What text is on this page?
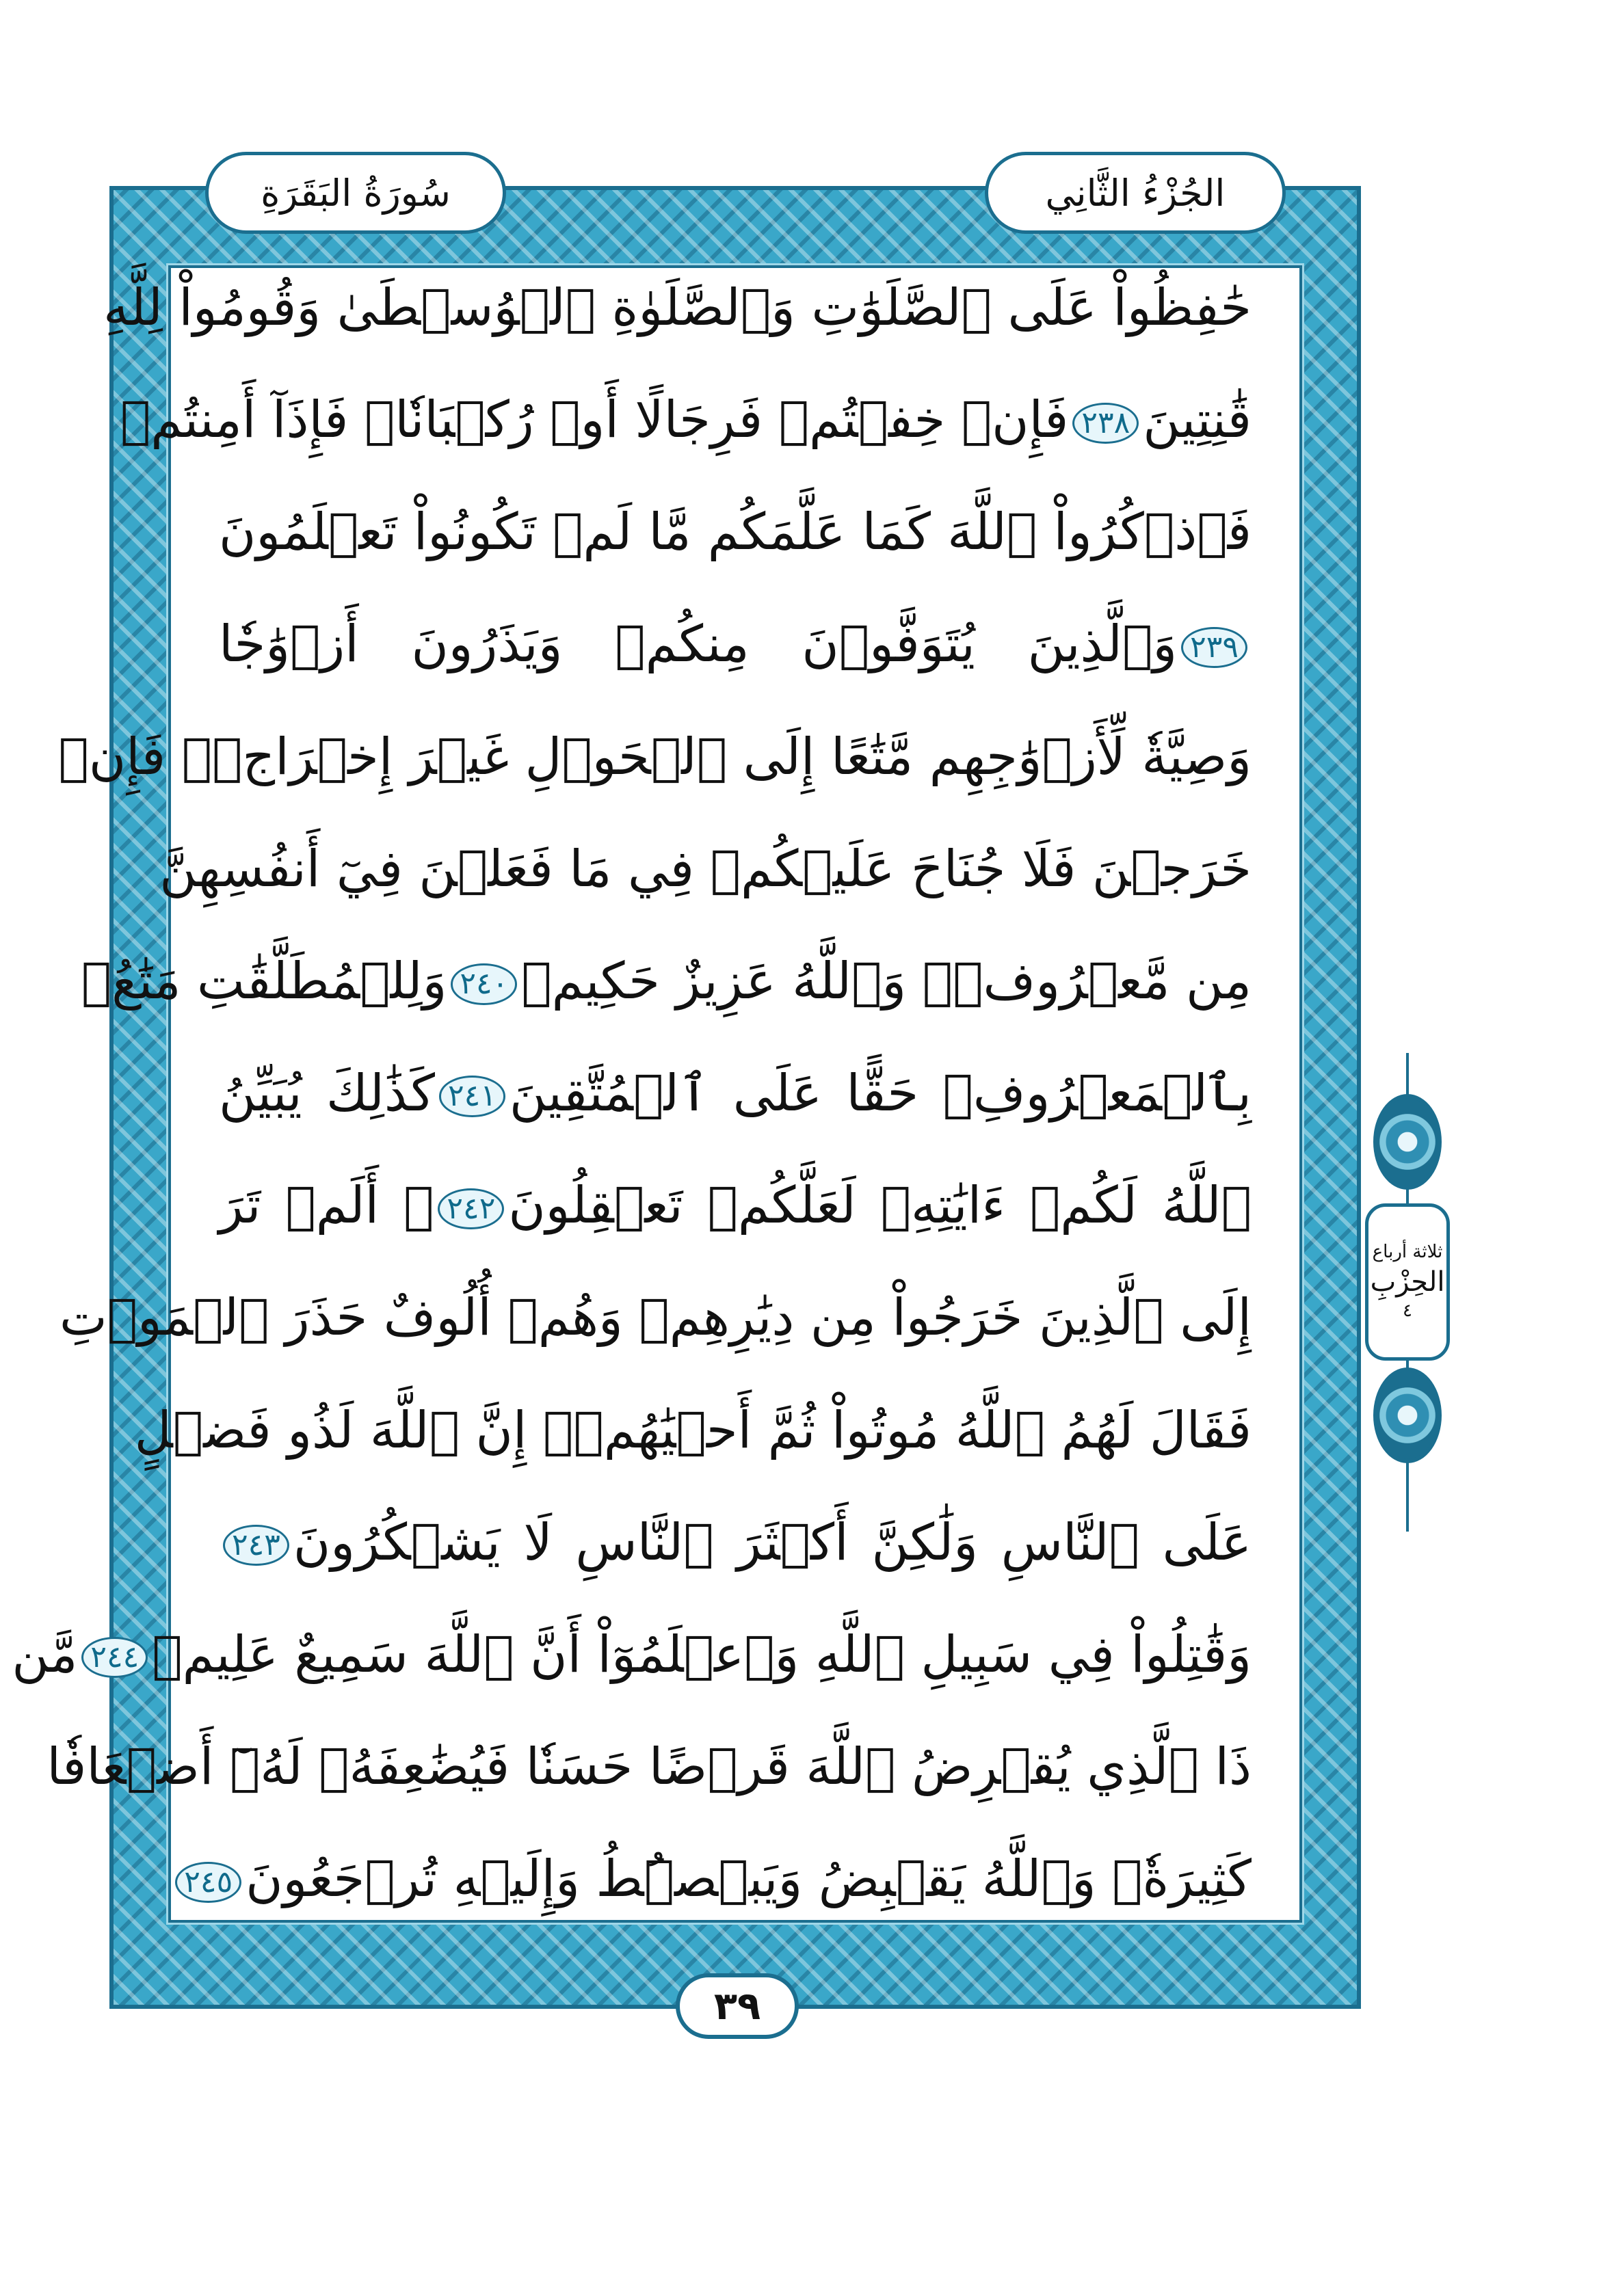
حَٰفِظُواْ عَلَى ٱلصَّلَوَٰتِ وَٱلصَّلَوٰةِ ٱلۡوُسۡطَىٰ وَقُومُواْ لِلَّهِ
قَٰنِتِينَ٢٣٨فَإِنۡ خِفۡتُمۡ فَرِجَالًا أَوۡ رُكۡبَانٗاۖ فَإِذَآ أَمِنتُمۡ
فَٱذۡكُرُواْ ٱللَّهَ كَمَا عَلَّمَكُم مَّا لَمۡ تَكُونُواْ تَعۡلَمُونَ
٢٣٩وَٱلَّذِينَ يُتَوَفَّوۡنَ مِنكُمۡ وَيَذَرُونَ أَزۡوَٰجٗا
وَصِيَّةٗ لِّأَزۡوَٰجِهِم مَّتَٰعًا إِلَى ٱلۡحَوۡلِ غَيۡرَ إِخۡرَاجٖۚ فَإِنۡ
خَرَجۡنَ فَلَا جُنَاحَ عَلَيۡكُمۡ فِي مَا فَعَلۡنَ فِيٓ أَنفُسِهِنَّ
مِن مَّعۡرُوفٖۗ وَٱللَّهُ عَزِيزٌ حَكِيمٞ٢٤٠وَلِلۡمُطَلَّقَٰتِ مَتَٰعُۢ
بِٱلۡمَعۡرُوفِۖ حَقًّا عَلَى ٱلۡمُتَّقِينَ٢٤١كَذَٰلِكَ يُبَيِّنُ
ٱللَّهُ لَكُمۡ ءَايَٰتِهِۦ لَعَلَّكُمۡ تَعۡقِلُونَ٢٤٢۞ أَلَمۡ تَرَ
إِلَى ٱلَّذِينَ خَرَجُواْ مِن دِيَٰرِهِمۡ وَهُمۡ أُلُوفٌ حَذَرَ ٱلۡمَوۡتِ
فَقَالَ لَهُمُ ٱللَّهُ مُوتُواْ ثُمَّ أَحۡيَٰهُمۡۚ إِنَّ ٱللَّهَ لَذُو فَضۡلٍ
عَلَى ٱلنَّاسِ وَلَٰكِنَّ أَكۡثَرَ ٱلنَّاسِ لَا يَشۡكُرُونَ٢٤٣
وَقَٰتِلُواْ فِي سَبِيلِ ٱللَّهِ وَٱعۡلَمُوٓاْ أَنَّ ٱللَّهَ سَمِيعٌ عَلِيمٞ٢٤٤مَّن
ذَا ٱلَّذِي يُقۡرِضُ ٱللَّهَ قَرۡضًا حَسَنٗا فَيُضَٰعِفَهُۥ لَهُۥٓ أَضۡعَافٗا
كَثِيرَةٗۚ وَٱللَّهُ يَقۡبِضُ وَيَبۡصُۜطُ وَإِلَيۡهِ تُرۡجَعُونَ٢٤٥
سُورَةُ البَقَرَةِ	الجُزْءُ الثَّانِي
٣٩
ثلاثة أرباع
الحِزْبِ
٤
